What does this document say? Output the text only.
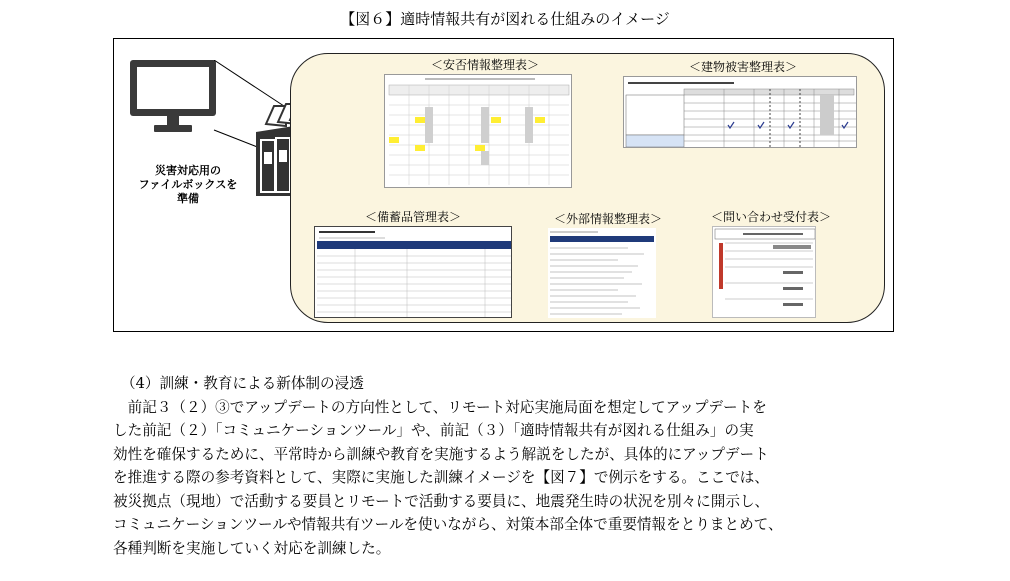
【図６】適時情報共有が図れる仕組みのイメージ
災害対応用の
ファイルボックスを
準備
＜安否情報整理表＞	＜建物被害整理表＞
＜備蓄品管理表＞	＜外部情報整理表＞	＜問い合わせ受付表＞

（4）訓練・教育による新体制の浸透

前記３（２）③でアップデートの方向性として、リモート対応実施局面を想定してアップデートを

した前記（２）「コミュニケーションツール」や、前記（３）「適時情報共有が図れる仕組み」の実

効性を確保するために、平常時から訓練や教育を実施するよう解説をしたが、具体的にアップデート

を推進する際の参考資料として、実際に実施した訓練イメージを【図７】で例示をする。ここでは、

被災拠点（現地）で活動する要員とリモートで活動する要員に、地震発生時の状況を別々に開示し、

コミュニケーションツールや情報共有ツールを使いながら、対策本部全体で重要情報をとりまとめて、

各種判断を実施していく対応を訓練した。
